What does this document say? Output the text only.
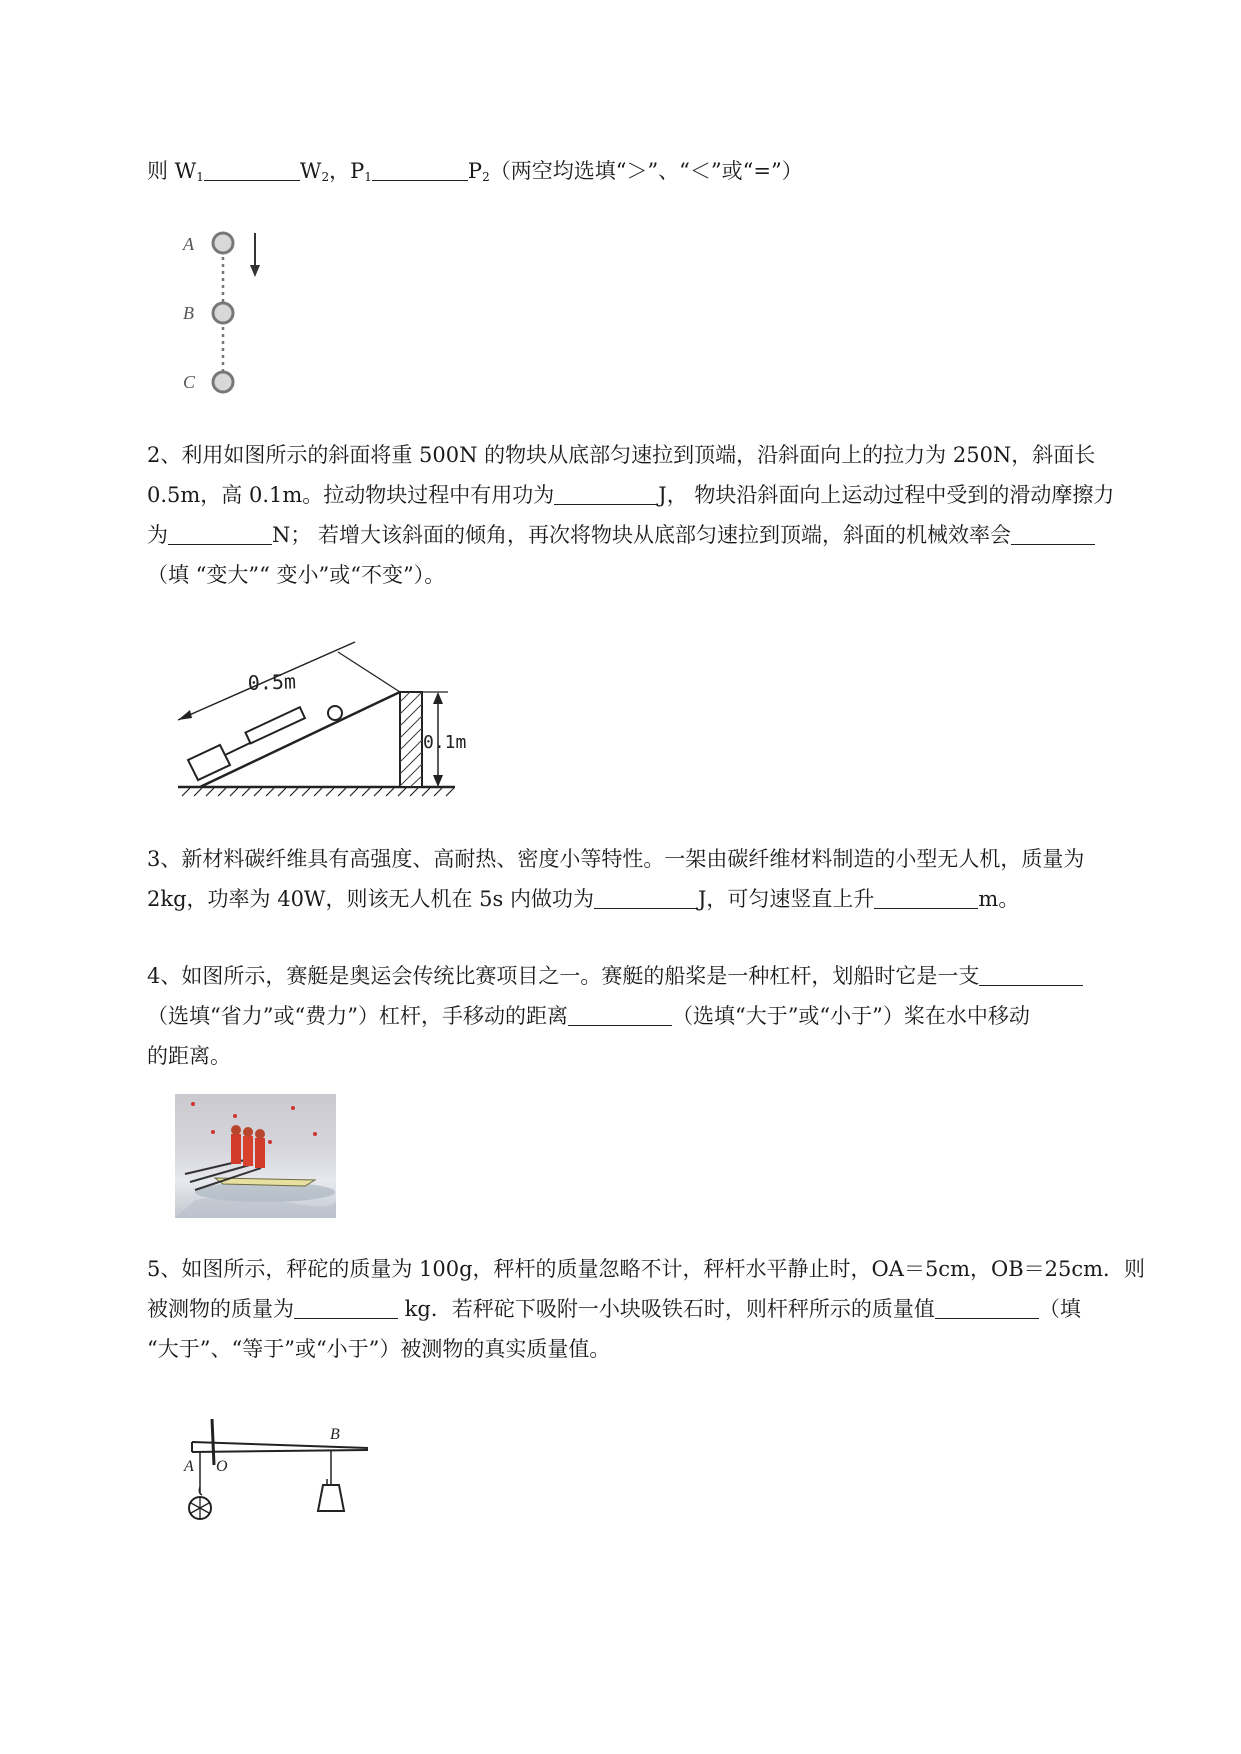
则 $W_1$	$W_2$，$P_1$	$P_2$（两空均选填“＞”、“＜”或“=”）
A
B
C
2、利用如图所示的斜面将重 500N 的物块从底部匀速拉到顶端，沿斜面向上的拉力为 250N，斜面长
0.5m，高 0.1m。拉动物块过程中有用功为	J， 物块沿斜面向上运动过程中受到的滑动摩擦力
为	N； 若增大该斜面的倾角，再次将物块从底部匀速拉到顶端，斜面的机械效率会
（填 “变大”“ 变小”或“不变”）。
0.5m
0.1m
3、新材料碳纤维具有高强度、高耐热、密度小等特性。一架由碳纤维材料制造的小型无人机，质量为
2kg，功率为 40W，则该无人机在 5s 内做功为	J，可匀速竖直上升	m。
4、如图所示，赛艇是奥运会传统比赛项目之一。赛艇的船桨是一种杠杆，划船时它是一支
（选填“省力”或“费力”）杠杆，手移动的距离	（选填“大于”或“小于”）桨在水中移动
的距离。
5、如图所示，秤砣的质量为 100g，秤杆的质量忽略不计，秤杆水平静止时，OA＝5cm，OB＝25cm．则
被测物的质量为	kg．若秤砣下吸附一小块吸铁石时，则杆秤所示的质量值	（填
“大于”、“等于”或“小于”）被测物的真实质量值。
A O
B
